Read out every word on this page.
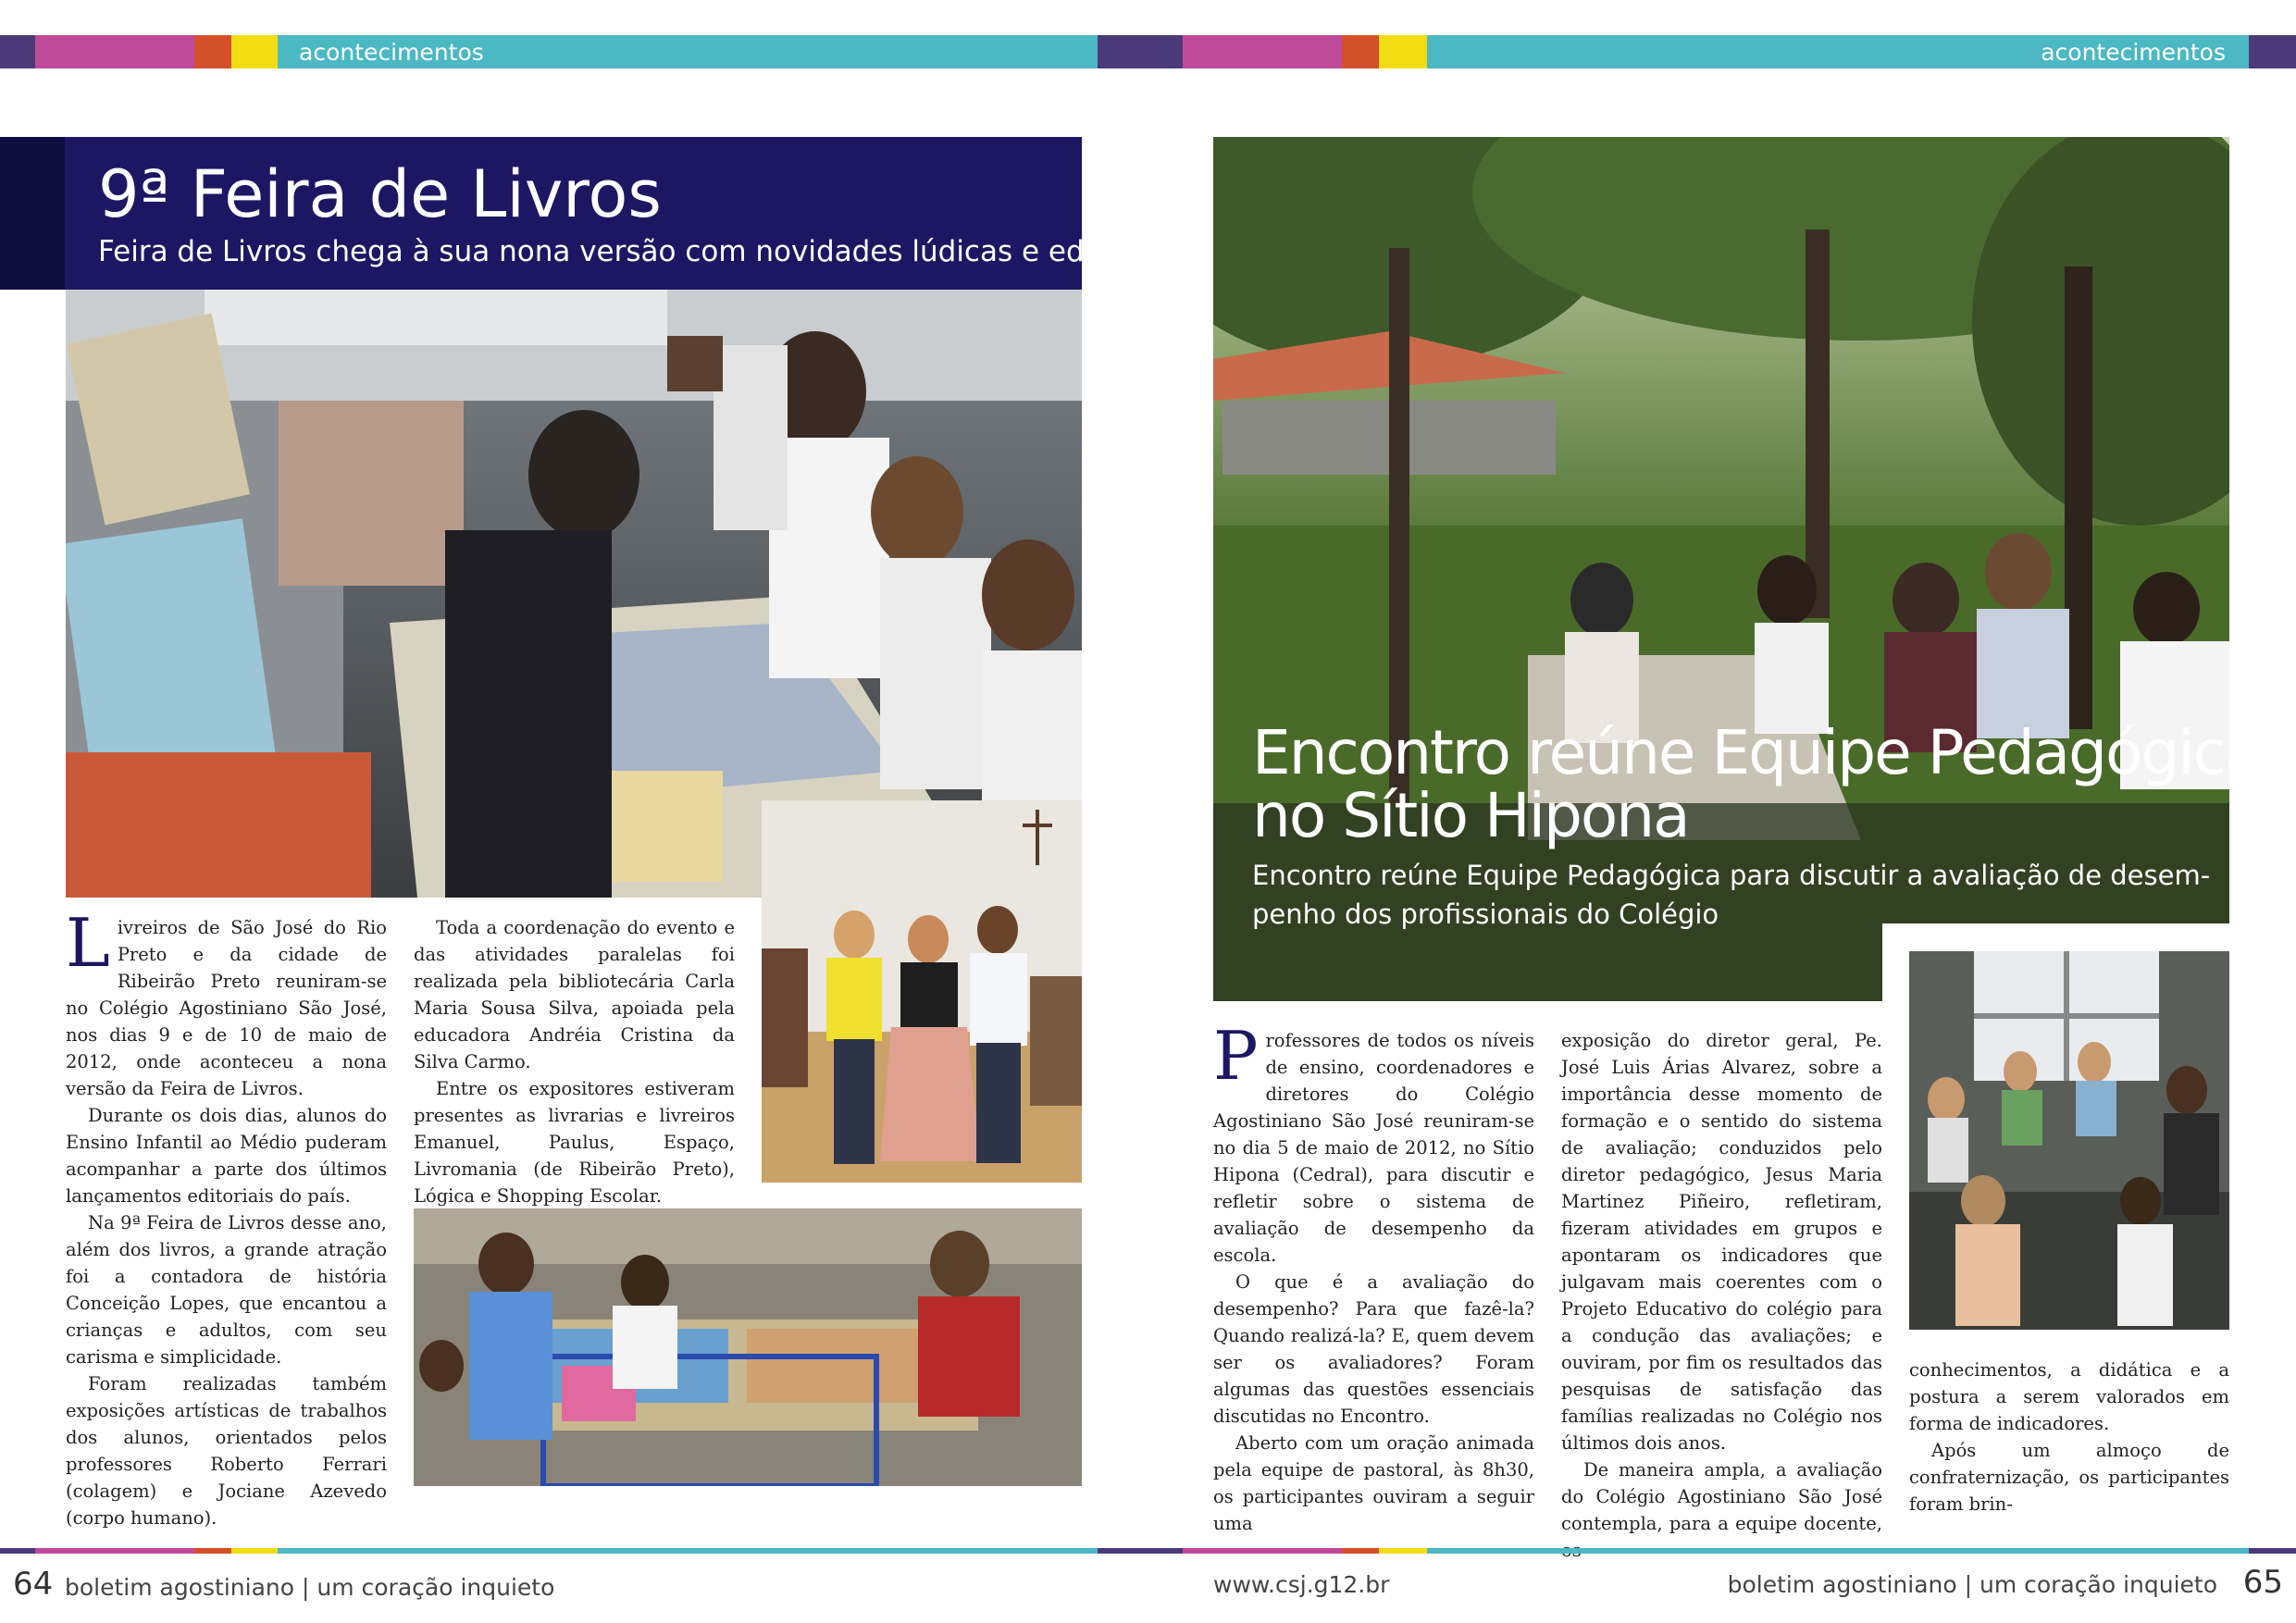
acontecimentos	acontecimentos
9ª Feira de Livros
Feira de Livros chega à sua nona versão com novidades lúdicas e editoriais

Livreiros de São José do Rio Preto e da cidade de Ribeirão Preto reuniram-se no Colégio Agostiniano São José, nos dias 9 e de 10 de maio de 2012, onde aconteceu a nona versão da Feira de Livros.

Durante os dois dias, alunos do Ensino Infantil ao Médio puderam acompanhar a parte dos últimos lançamentos editoriais do país.

Na 9ª Feira de Livros desse ano, além dos livros, a grande atração foi a contadora de história Conceição Lopes, que encantou a crianças e adultos, com seu carisma e simplicidade.

Foram realizadas também exposições artísticas de trabalhos dos alunos, orientados pelos professores Roberto Ferrari (colagem) e Jociane Azevedo (corpo humano).

Toda a coordenação do evento e das atividades paralelas foi realizada pela bibliotecária Carla Maria Sousa Silva, apoiada pela educadora Andréia Cristina da Silva Carmo.

Entre os expositores estiveram presentes as livrarias e livreiros Emanuel, Paulus, Espaço, Livromania (de Ribeirão Preto), Lógica e Shopping Escolar.

Encontro reúne Equipe Pedagógica
no Sítio Hipona
Encontro reúne Equipe Pedagógica para discutir a avaliação de desem-
penho dos profissionais do Colégio

Professores de todos os níveis de ensino, coordenadores e diretores do Colégio Agostiniano São José reuniram-se no dia 5 de maio de 2012, no Sítio Hipona (Cedral), para discutir e refletir sobre o sistema de avaliação de desempenho da escola.

O que é a avaliação do desempenho? Para que fazê-la? Quando realizá-la? E, quem devem ser os avaliadores? Foram algumas das questões essenciais discutidas no Encontro.

Aberto com um oração animada pela equipe de pastoral, às 8h30, os participantes ouviram a seguir uma

exposição do diretor geral, Pe. José Luis Árias Alvarez, sobre a importância desse momento de formação e o sentido do sistema de avaliação; conduzidos pelo diretor pedagógico, Jesus Maria Martinez Piñeiro, refletiram, fizeram atividades em grupos e apontaram os indicadores que julgavam mais coerentes com o Projeto Educativo do colégio para a condução das avaliações; e ouviram, por fim os resultados das pesquisas de satisfação das famílias realizadas no Colégio nos últimos dois anos.

De maneira ampla, a avaliação do Colégio Agostiniano São José contempla, para a equipe docente,

conhecimentos, a didática e a postura a serem valorados em forma de indicadores.

Após um almoço de confraternização, os participantes foram brin-

64 boletim agostiniano | um coração inquieto	www.csj.g12.br	boletim agostiniano | um coração inquieto 65
